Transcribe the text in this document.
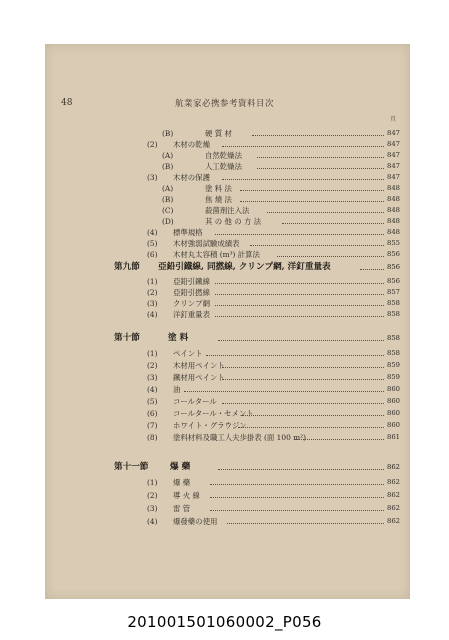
48	航業家必携参考資料目次
頁
(B)	硬 質 材	847
(2) 木材の乾燥	847
(A)	自然乾燥法	847
(B)	人工乾燥法	847
(3) 木材の保護	847
(A)	塗 料 法	848
(B)	焦 燒 法	848
(C)	殺菌剤注入法	848
(D)	其 の 他 の 方 法	848
(4) 標準規格	848
(5) 木材強弱試驗成績表	855
(6) 木材丸太容積 (m³) 計算法	856
第九節 亞鉛引鐵線, 同撚線, クリンプ網, 洋釘重量表	856
(1) 亞鉛引鐵線	856
(2) 亞鉛引撚線	857
(3) クリンプ網	858
(4) 洋釘重量表	858
第十節	塗 料	858
(1) ペイント	858
(2) 木材用ペイント	859
(3) 鐵材用ペイント	859
(4) 油	860
(5) コールタール	860
(6) コールタール・セメント	860
(7) ホワイト・グラウジン	860
(8) 塗料材料及職工人夫歩掛表 (面 100 m²)	861
第十一節	爆 藥	862
(1) 爆 藥	862
(2) 導 火 線	862
(3) 雷 管	862
(4) 爆發藥の使用	862
201001501060002_P056
